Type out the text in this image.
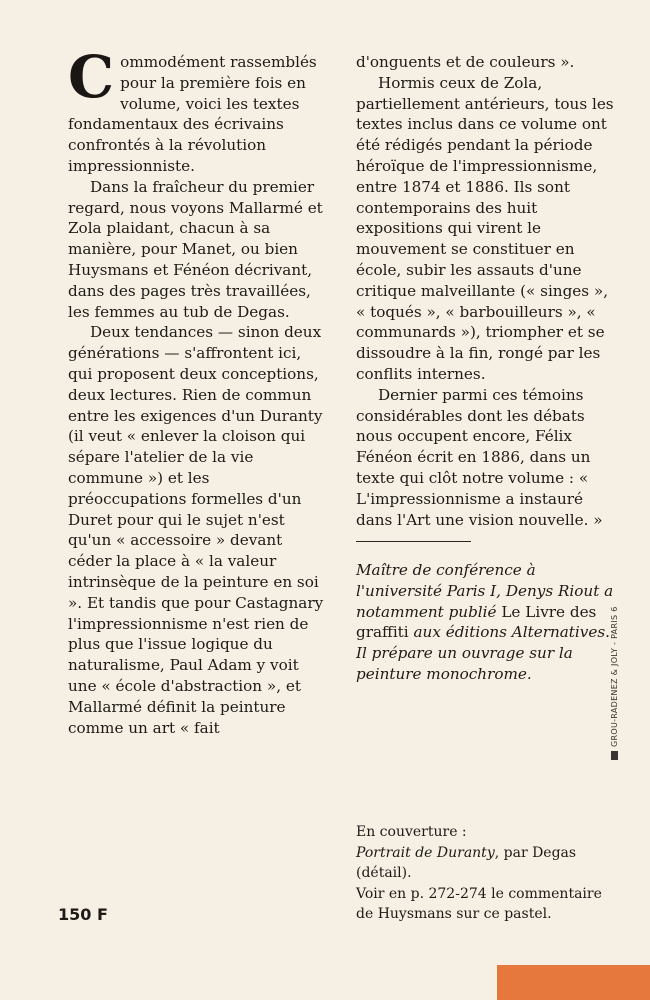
Commodément rassemblés pour la première fois en volume, voici les textes fondamentaux des écrivains confrontés à la révolution impressionniste.

Dans la fraîcheur du premier regard, nous voyons Mallarmé et Zola plaidant, chacun à sa manière, pour Manet, ou bien Huysmans et Fénéon décrivant, dans des pages très travaillées, les femmes au tub de Degas.

Deux tendances — sinon deux générations — s'affrontent ici, qui proposent deux conceptions, deux lectures. Rien de commun entre les exigences d'un Duranty (il veut « enlever la cloison qui sépare l'atelier de la vie commune ») et les préoccupations formelles d'un Duret pour qui le sujet n'est qu'un « accessoire » devant céder la place à « la valeur intrinsèque de la peinture en soi ». Et tandis que pour Castagnary l'impressionnisme n'est rien de plus que l'issue logique du naturalisme, Paul Adam y voit une « école d'abstraction », et Mallarmé définit la peinture comme un art « fait

d'onguents et de couleurs ».

Hormis ceux de Zola, partiellement antérieurs, tous les textes inclus dans ce volume ont été rédigés pendant la période héroïque de l'impressionnisme, entre 1874 et 1886. Ils sont contemporains des huit expositions qui virent le mouvement se constituer en école, subir les assauts d'une critique malveillante (« singes », « toqués », « barbouilleurs », « communards »), triompher et se dissoudre à la fin, rongé par les conflits internes.

Dernier parmi ces témoins considérables dont les débats nous occupent encore, Félix Fénéon écrit en 1886, dans un texte qui clôt notre volume : « L'impressionnisme a instauré dans l'Art une vision nouvelle. »

Maître de conférence à l'université Paris I, Denys Riout a notamment publié Le Livre des graffiti aux éditions Alternatives. Il prépare un ouvrage sur la peinture monochrome.
En couverture :
Portrait de Duranty, par Degas (détail).
Voir en p. 272-274 le commentaire de Huysmans sur ce pastel.
150 F
GROU-RADENEZ & JOLY - PARIS 6
